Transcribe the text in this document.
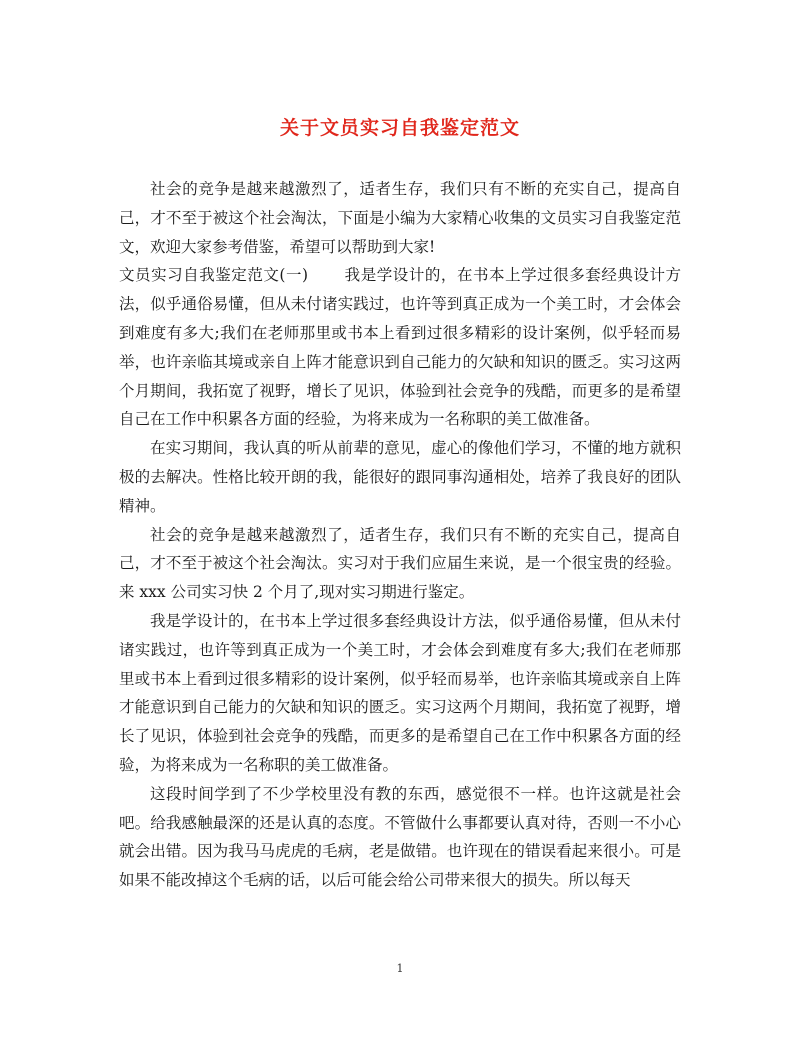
关于文员实习自我鉴定范文

社会的竞争是越来越激烈了，适者生存，我们只有不断的充实自己，提高自己，才不至于被这个社会淘汰，下面是小编为大家精心收集的文员实习自我鉴定范文，欢迎大家参考借鉴，希望可以帮助到大家!

文员实习自我鉴定范文(一) 我是学设计的，在书本上学过很多套经典设计方法，似乎通俗易懂，但从未付诸实践过，也许等到真正成为一个美工时，才会体会到难度有多大;我们在老师那里或书本上看到过很多精彩的设计案例，似乎轻而易举，也许亲临其境或亲自上阵才能意识到自己能力的欠缺和知识的匮乏。实习这两个月期间，我拓宽了视野，增长了见识，体验到社会竞争的残酷，而更多的是希望自己在工作中积累各方面的经验，为将来成为一名称职的美工做准备。

在实习期间，我认真的听从前辈的意见，虚心的像他们学习，不懂的地方就积极的去解决。性格比较开朗的我，能很好的跟同事沟通相处，培养了我良好的团队精神。

社会的竞争是越来越激烈了，适者生存，我们只有不断的充实自己，提高自己，才不至于被这个社会淘汰。实习对于我们应届生来说，是一个很宝贵的经验。来 xxx 公司实习快 2 个月了,现对实习期进行鉴定。

我是学设计的，在书本上学过很多套经典设计方法，似乎通俗易懂，但从未付诸实践过，也许等到真正成为一个美工时，才会体会到难度有多大;我们在老师那里或书本上看到过很多精彩的设计案例，似乎轻而易举，也许亲临其境或亲自上阵才能意识到自己能力的欠缺和知识的匮乏。实习这两个月期间，我拓宽了视野，增长了见识，体验到社会竞争的残酷，而更多的是希望自己在工作中积累各方面的经验，为将来成为一名称职的美工做准备。

这段时间学到了不少学校里没有教的东西，感觉很不一样。也许这就是社会吧。给我感触最深的还是认真的态度。不管做什么事都要认真对待，否则一不小心就会出错。因为我马马虎虎的毛病，老是做错。也许现在的错误看起来很小。可是如果不能改掉这个毛病的话，以后可能会给公司带来很大的损失。所以每天

1
